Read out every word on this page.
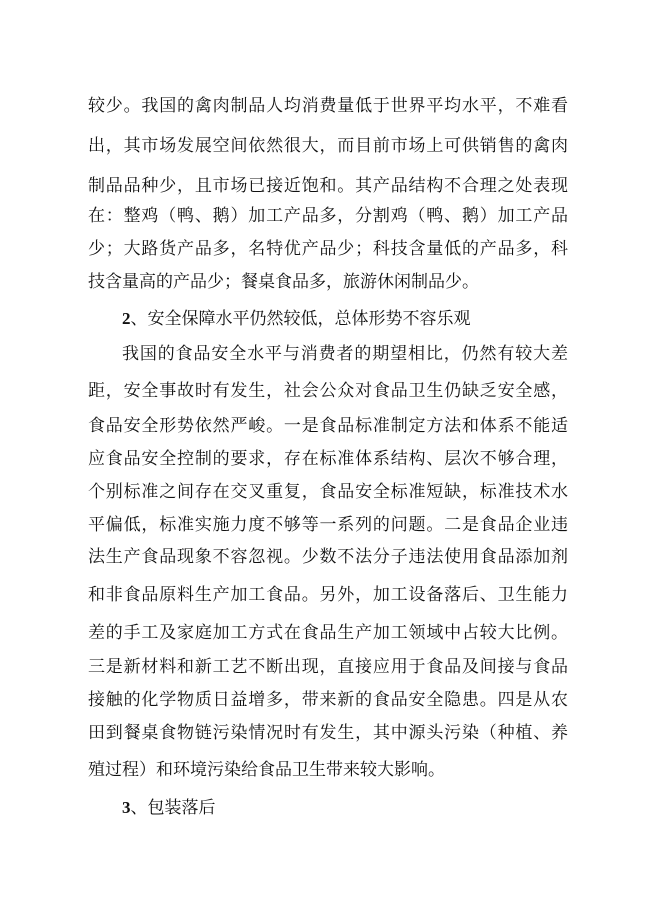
较少。我国的禽肉制品人均消费量低于世界平均水平，不难看
出，其市场发展空间依然很大，而目前市场上可供销售的禽肉
制品品种少，且市场已接近饱和。其产品结构不合理之处表现
在：整鸡（鸭、鹅）加工产品多，分割鸡（鸭、鹅）加工产品
少；大路货产品多，名特优产品少；科技含量低的产品多，科
技含量高的产品少；餐桌食品多，旅游休闲制品少。
2、安全保障水平仍然较低，总体形势不容乐观
我国的食品安全水平与消费者的期望相比，仍然有较大差
距，安全事故时有发生，社会公众对食品卫生仍缺乏安全感，
食品安全形势依然严峻。一是食品标准制定方法和体系不能适
应食品安全控制的要求，存在标准体系结构、层次不够合理，
个别标准之间存在交叉重复，食品安全标准短缺，标准技术水
平偏低，标准实施力度不够等一系列的问题。二是食品企业违
法生产食品现象不容忽视。少数不法分子违法使用食品添加剂
和非食品原料生产加工食品。另外，加工设备落后、卫生能力
差的手工及家庭加工方式在食品生产加工领域中占较大比例。
三是新材料和新工艺不断出现，直接应用于食品及间接与食品
接触的化学物质日益增多，带来新的食品安全隐患。四是从农
田到餐桌食物链污染情况时有发生，其中源头污染（种植、养
殖过程）和环境污染给食品卫生带来较大影响。
3、包装落后
